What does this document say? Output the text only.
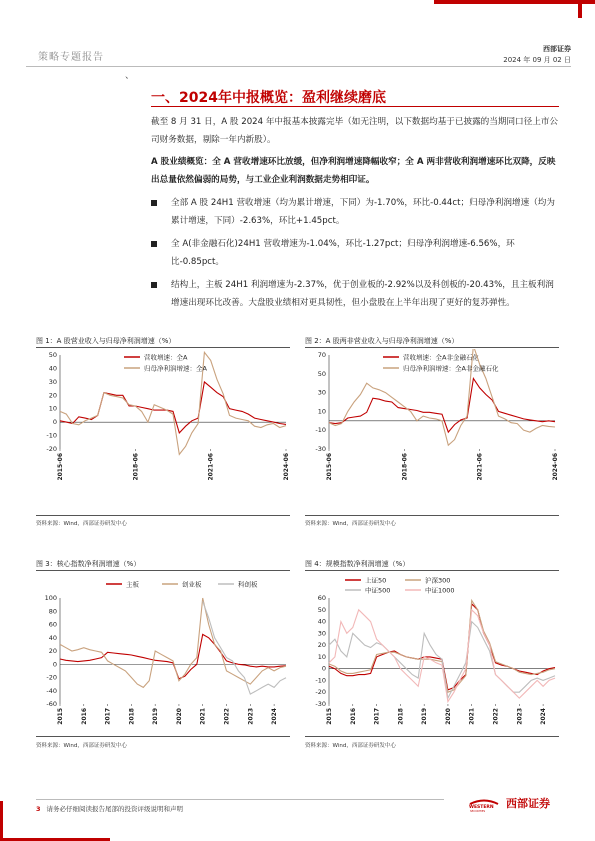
策略专题报告
西部证券
2024 年 09 月 02 日
、
一、2024年中报概览：盈利继续磨底
截至 8 月 31 日，A 股 2024 年中报基本披露完毕（如无注明，以下数据均基于已披露的当期同口径上市公司财务数据，剔除一年内新股）。
A 股业绩概览：全 A 营收增速环比放缓，但净利润增速降幅收窄；全 A 两非营收利润增速环比双降，反映出总量依然偏弱的局势，与工业企业利润数据走势相印证。
全部 A 股 24H1 营收增速（均为累计增速，下同）为-1.70%，环比-0.44ct；归母净利润增速（均为累计增速，下同）-2.63%，环比+1.45pct。
全 A(非金融石化)24H1 营收增速为-1.04%，环比-1.27pct；归母净利润增速-6.56%，环比-0.85pct。
结构上，主板 24H1 利润增速为-2.37%，优于创业板的-2.92%以及科创板的-20.43%，且主板利润增速出现环比改善。大盘股业绩相对更具韧性，但小盘股在上半年出现了更好的复苏弹性。
图 1：A 股营业收入与归母净利润增速（%）
-20
-10
0
10
20
30
40
50
2015-06	2018-06	2021-06	2024-06
营收增速：全A
归母净利润增速：全A
资料来源：Wind，西部证券研发中心
图 2：A 股两非营业收入与归母净利润增速（%）
-30
-10
10
30
50
70
2015-06	2018-06	2021-06	2024-06
营收增速：全A非金融石化
归母净利润增速：全A非金融石化
资料来源：Wind，西部证券研发中心
图 3：核心指数净利润增速（%）
-60
-40
-20
0
20
40
60
80
100
2015	2016	2017	2018	2019	2020	2021	2022	2023	2024
主板	创业板	科创板
资料来源：Wind，西部证券研发中心
图 4：规模指数净利润增速（%）
-30
-20
-10
0
10
20
30
40
50
60
2015	2016	2017	2018	2019	2020	2021	2022	2023	2024
上证50	沪深300
中证500	中证1000
资料来源：Wind，西部证券研发中心
3 请务必仔细阅读报告尾部的投资评级说明和声明	WESTERN
SECURITIES
西部证券
